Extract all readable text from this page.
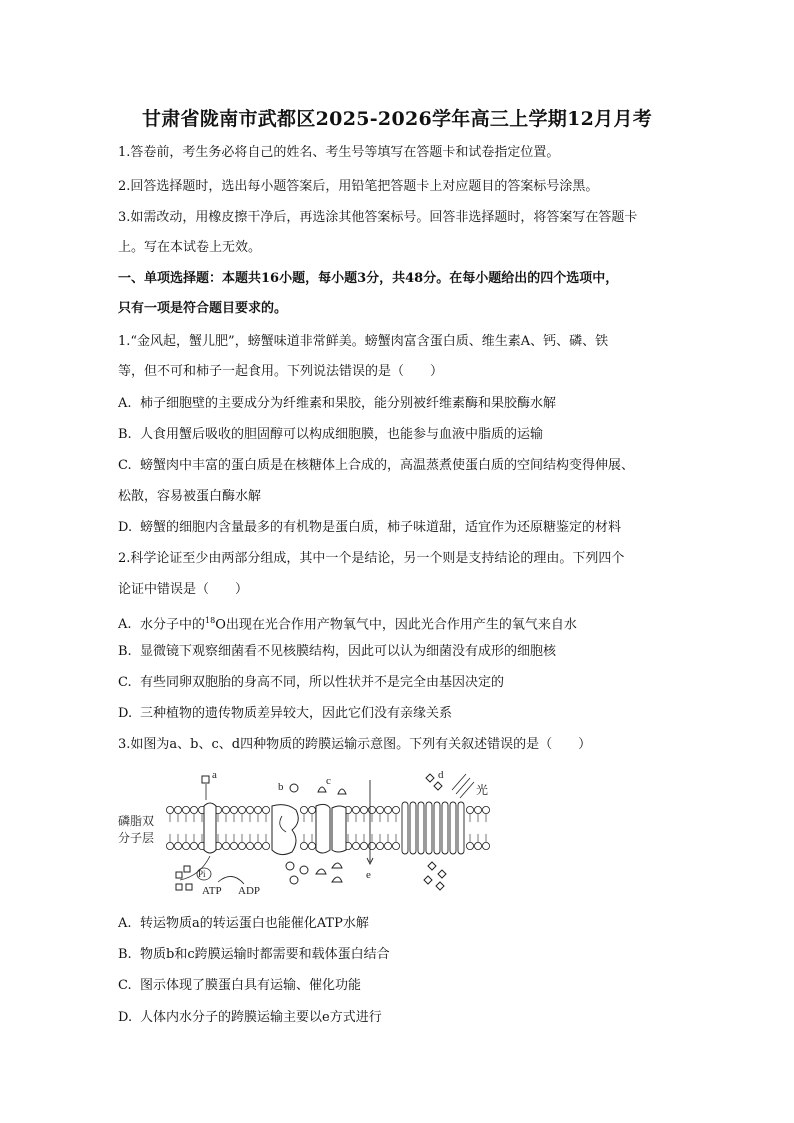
甘肃省陇南市武都区2025-2026学年高三上学期12月月考
1.答卷前，考生务必将自己的姓名、考生号等填写在答题卡和试卷指定位置。
2.回答选择题时，选出每小题答案后，用铅笔把答题卡上对应题目的答案标号涂黑。
3.如需改动，用橡皮擦干净后，再选涂其他答案标号。回答非选择题时，将答案写在答题卡
上。写在本试卷上无效。
一、单项选择题：本题共16小题，每小题3分，共48分。在每小题给出的四个选项中，
只有一项是符合题目要求的。
1.“金风起，蟹儿肥”，螃蟹味道非常鲜美。螃蟹肉富含蛋白质、维生素A、钙、磷、铁
等，但不可和柿子一起食用。下列说法错误的是（　　）
A. 柿子细胞壁的主要成分为纤维素和果胶，能分别被纤维素酶和果胶酶水解
B. 人食用蟹后吸收的胆固醇可以构成细胞膜，也能参与血液中脂质的运输
C. 螃蟹肉中丰富的蛋白质是在核糖体上合成的，高温蒸煮使蛋白质的空间结构变得伸展、
松散，容易被蛋白酶水解
D. 螃蟹的细胞内含量最多的有机物是蛋白质，柿子味道甜，适宜作为还原糖鉴定的材料
2.科学论证至少由两部分组成，其中一个是结论，另一个则是支持结论的理由。下列四个
论证中错误是（　　）
A. 水分子中的$^{18}$O出现在光合作用产物氧气中，因此光合作用产生的氧气来自水
B. 显微镜下观察细菌看不见核膜结构，因此可以认为细菌没有成形的细胞核
C. 有些同卵双胞胎的身高不同，所以性状并不是完全由基因决定的
D. 三种植物的遗传物质差异较大，因此它们没有亲缘关系
3.如图为a、b、c、d四种物质的跨膜运输示意图。下列有关叙述错误的是（　　）
磷脂双
分子层
a
Pi
ATP ADP
b	c
e
d
光
A. 转运物质a的转运蛋白也能催化ATP水解
B. 物质b和c跨膜运输时都需要和载体蛋白结合
C. 图示体现了膜蛋白具有运输、催化功能
D. 人体内水分子的跨膜运输主要以e方式进行
